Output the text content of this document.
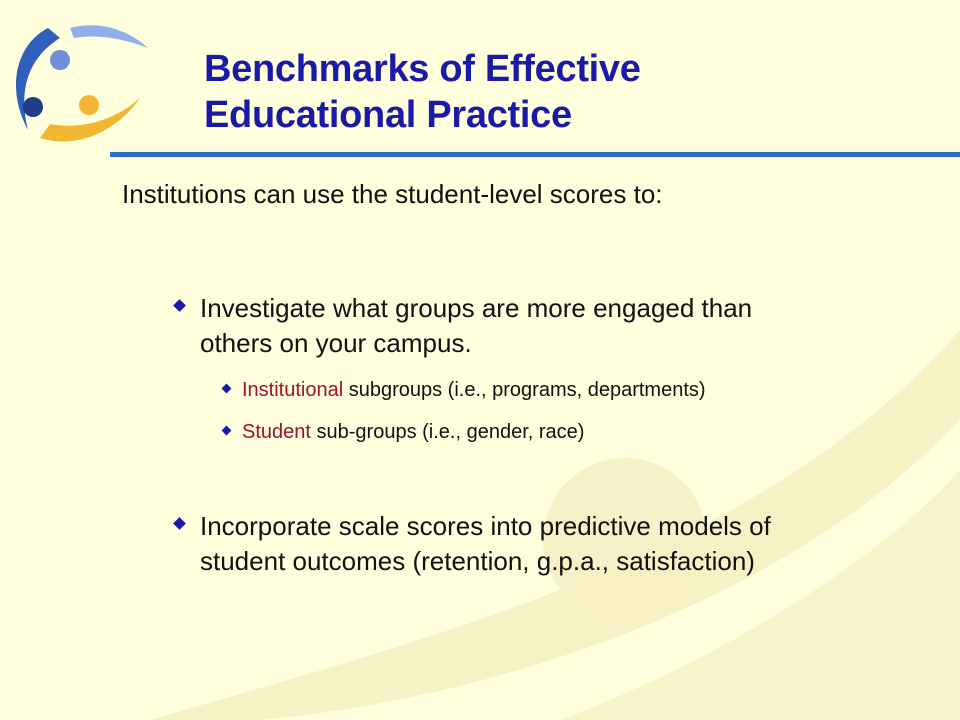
Benchmarks of Effective
Educational Practice
Institutions can use the student-level scores to:
Investigate what groups are more engaged than
others on your campus.
Institutional subgroups (i.e., programs, departments)
Student sub-groups (i.e., gender, race)
Incorporate scale scores into predictive models of
student outcomes (retention, g.p.a., satisfaction)
